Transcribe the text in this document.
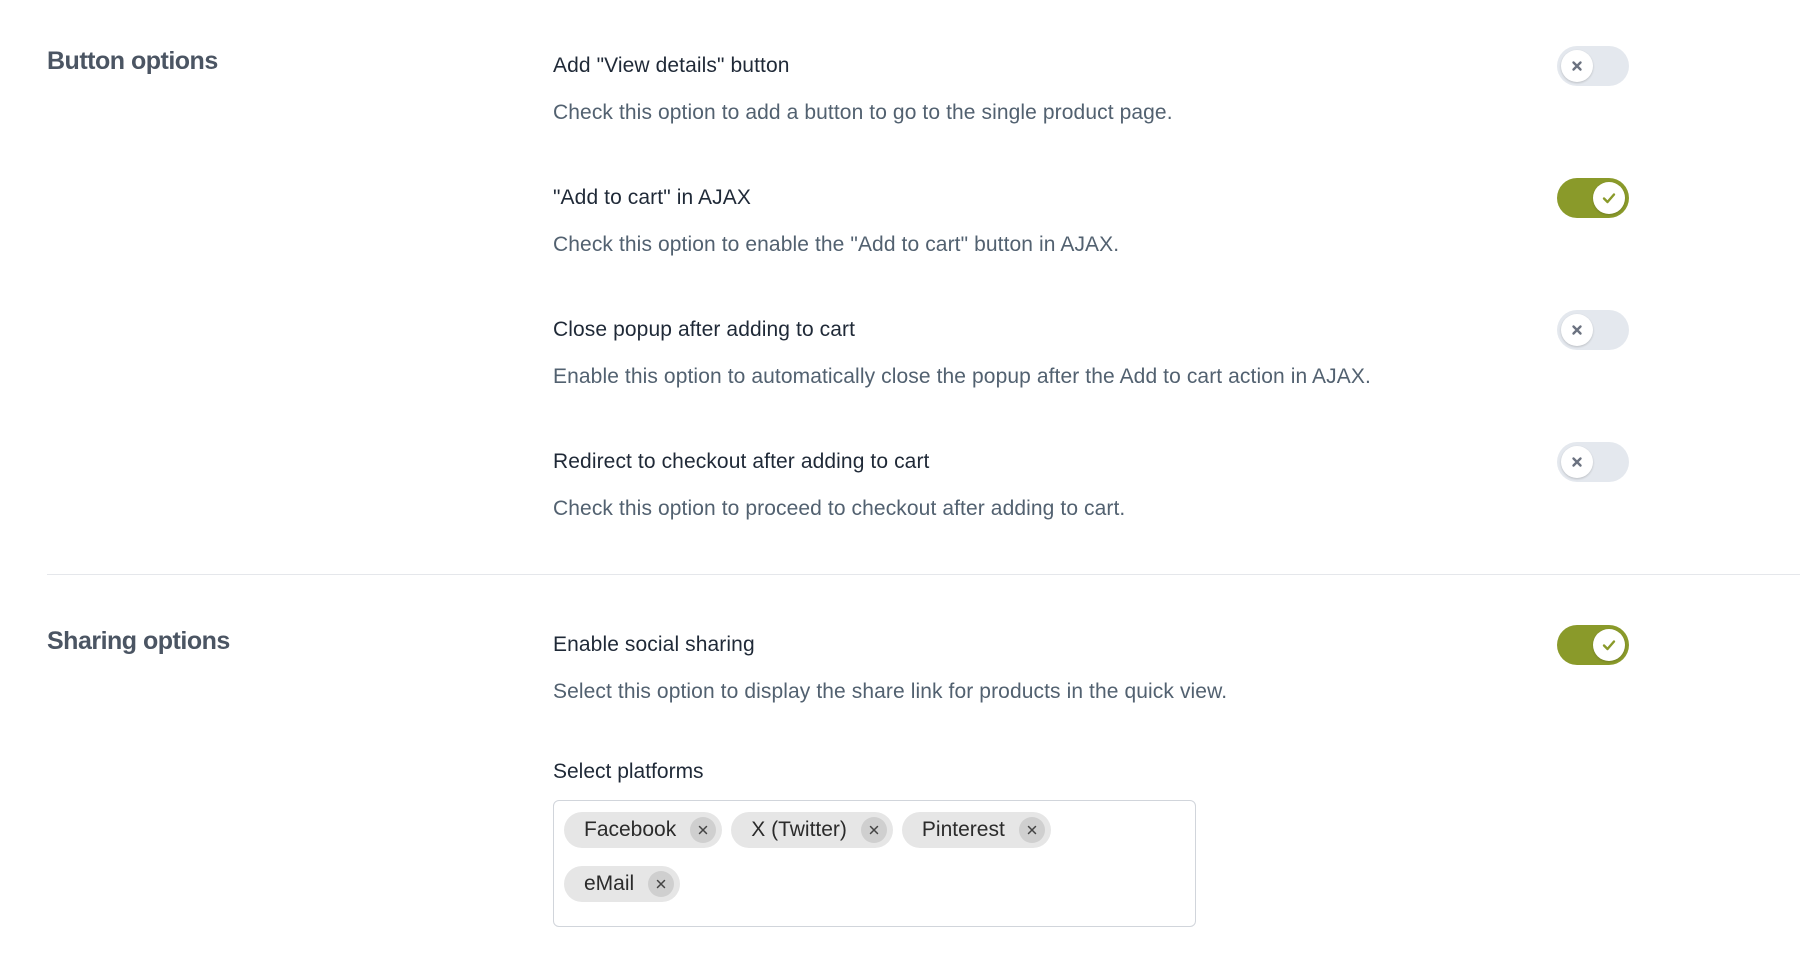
Button options	Add "View details" button
Check this option to add a button to go to the single product page.
"Add to cart" in AJAX
Check this option to enable the "Add to cart" button in AJAX.
Close popup after adding to cart
Enable this option to automatically close the popup after the Add to cart action in AJAX.
Redirect to checkout after adding to cart
Check this option to proceed to checkout after adding to cart.
Sharing options	Enable social sharing
Select this option to display the share link for products in the quick view.
Select platforms
Facebook	X (Twitter)	Pinterest
eMail
